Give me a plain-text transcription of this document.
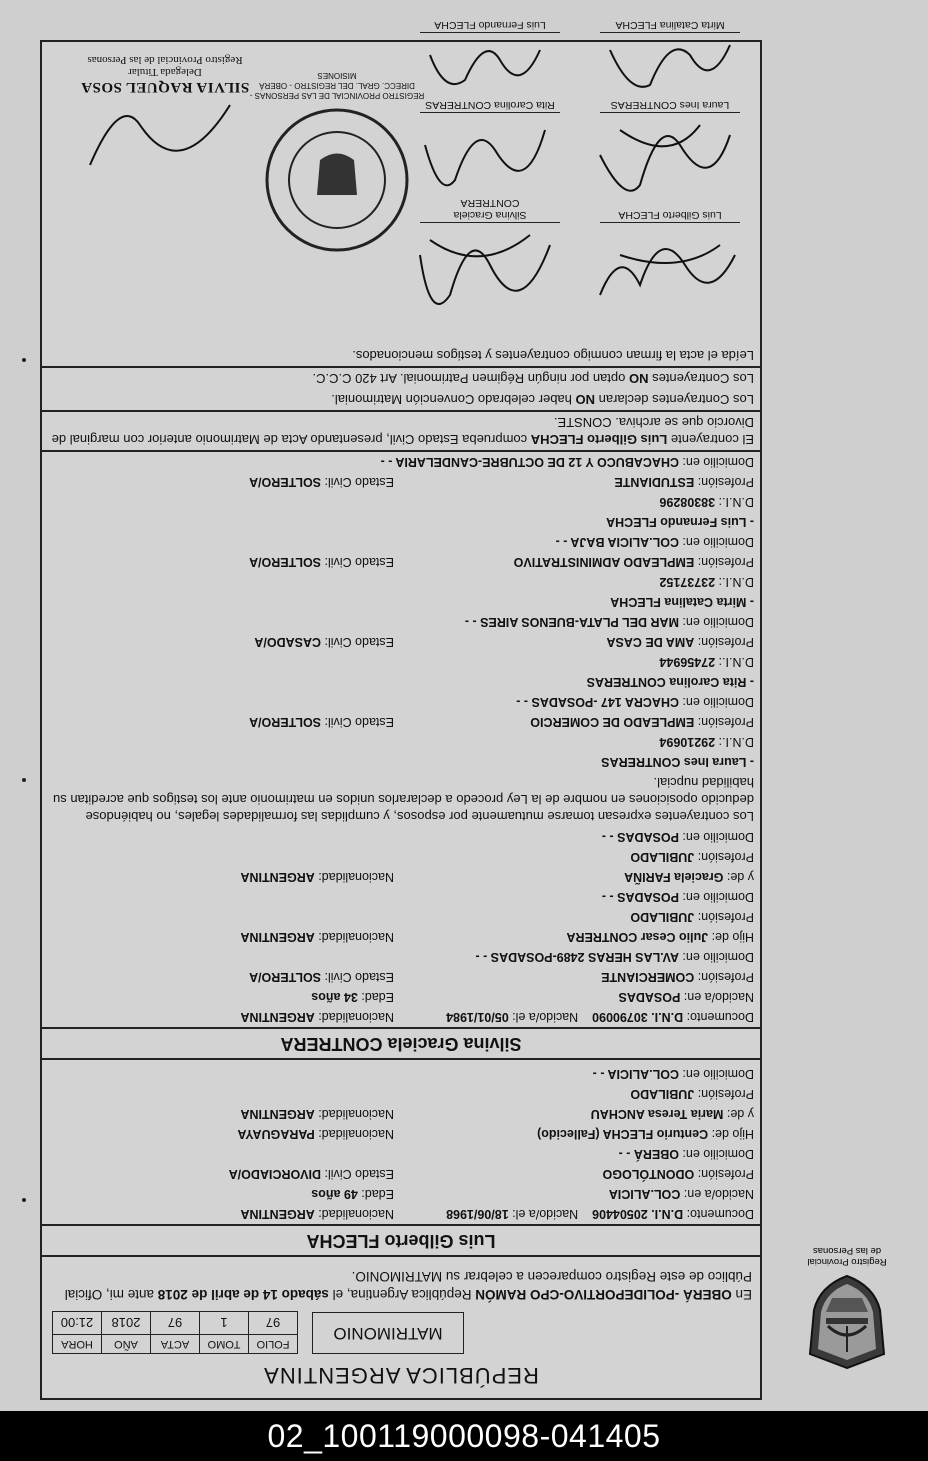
Registro Provincial
de las Personas
REPÚBLICA ARGENTINA
MATRIMONIO
FOLIO	TOMO	ACTA	AÑO	HORA
97	1	97	2018	21:00
En OBERÁ -POLIDEPORTIVO-CPO RAMÓN República Argentina, el sábado 14 de abril de 2018 ante mi, Oficial Público de este Registro comparecen a celebrar su MATRIMONIO.
Luis Gilberto FLECHA
Documento: D.N.I. 20504406    Nacido/a el: 18/06/1968
Nacionalidad: ARGENTINA
Nacido/a en: COL.ALICIA
Edad: 49 años
Profesión: ODONTÓLOGO
Estado Civil: DIVORCIADO/A
Domicilio en: OBERÁ - -
Hijo de: Centurio FLECHA (Fallecido)
Nacionalidad: PARAGUAYA
y de: Maria Teresa ANCHAU
Nacionalidad: ARGENTINA
Profesión: JUBILADO
Domicilio en: COL.ALICIA - -
Silvina Graciela CONTRERA
Documento: D.N.I. 30790090    Nacido/a el: 05/01/1984
Nacionalidad: ARGENTINA
Nacido/a en: POSADAS
Edad: 34 años
Profesión: COMERCIANTE
Estado Civil: SOLTERO/A
Domicilio en: AV.LAS HERAS 2489-POSADAS - -
Hijo de: Julio Cesar CONTRERA
Nacionalidad: ARGENTINA
Profesión: JUBILADO
Domicilio en: POSADAS - -
y de: Graciela FARIÑA
Nacionalidad: ARGENTINA
Profesión: JUBILADO
Domicilio en: POSADAS - -
Los contrayentes expresan tomarse mutuamente por esposos, y cumplidas las formalidades legales, no habiéndose deducido oposiciones en nombre de la Ley procedo a declararlos unidos en matrimonio ante los testigos que acreditan su habilidad nupcial.
- Laura Ines CONTRERAS
D.N.I.: 29210694
Profesión: EMPLEADO DE COMERCIO
Estado Civil: SOLTERO/A
Domicilio en: CHACRA 147 -POSADAS - -
- Rita Carolina CONTRERAS
D.N.I.: 27456944
Profesión: AMA DE CASA
Estado Civil: CASADO/A
Domicilio en: MAR DEL PLATA-BUENOS AIRES - -
- Mirta Catalina FLECHA
D.N.I.: 23737152
Profesión: EMPLEADO ADMINISTRATIVO
Estado Civil: SOLTERO/A
Domicilio en: COL.ALICIA BAJA - -
- Luis Fernando FLECHA
D.N.I.: 38308296
Profesión: ESTUDIANTE
Estado Civil: SOLTERO/A
Domicilio en: CHACABUCO Y 12 DE OCTUBRE-CANDELARIA - -
El contrayente Luis Gilberto FLECHA comprueba Estado Civil, presentando Acta de Matrimonio anterior con marginal de Divorcio que se archiva. CONSTE.
Los Contrayentes declaran NO haber celebrado Convención Matrimonial.
Los Contrayentes NO optan por ningún Régimen Patrimonial. Art 420 C.C.C.
Leída el acta la firman conmigo contrayentes y testigos mencionados.
Luis Gilberto FLECHA
Silvina Graciela
CONTRERA
Laura Ines CONTRERAS
Rita Carolina CONTRERAS
Mirta Catalina FLECHA
Luis Fernando FLECHA
REGISTRO PROVINCIAL DE LAS PERSONAS - DIRECC. GRAL. DEL REGISTRO - OBERÁ MISIONES
SILVIA RAQUEL SOSA
Delegada Titular
Registro Provincial de las Personas
02_100119000098-041405
